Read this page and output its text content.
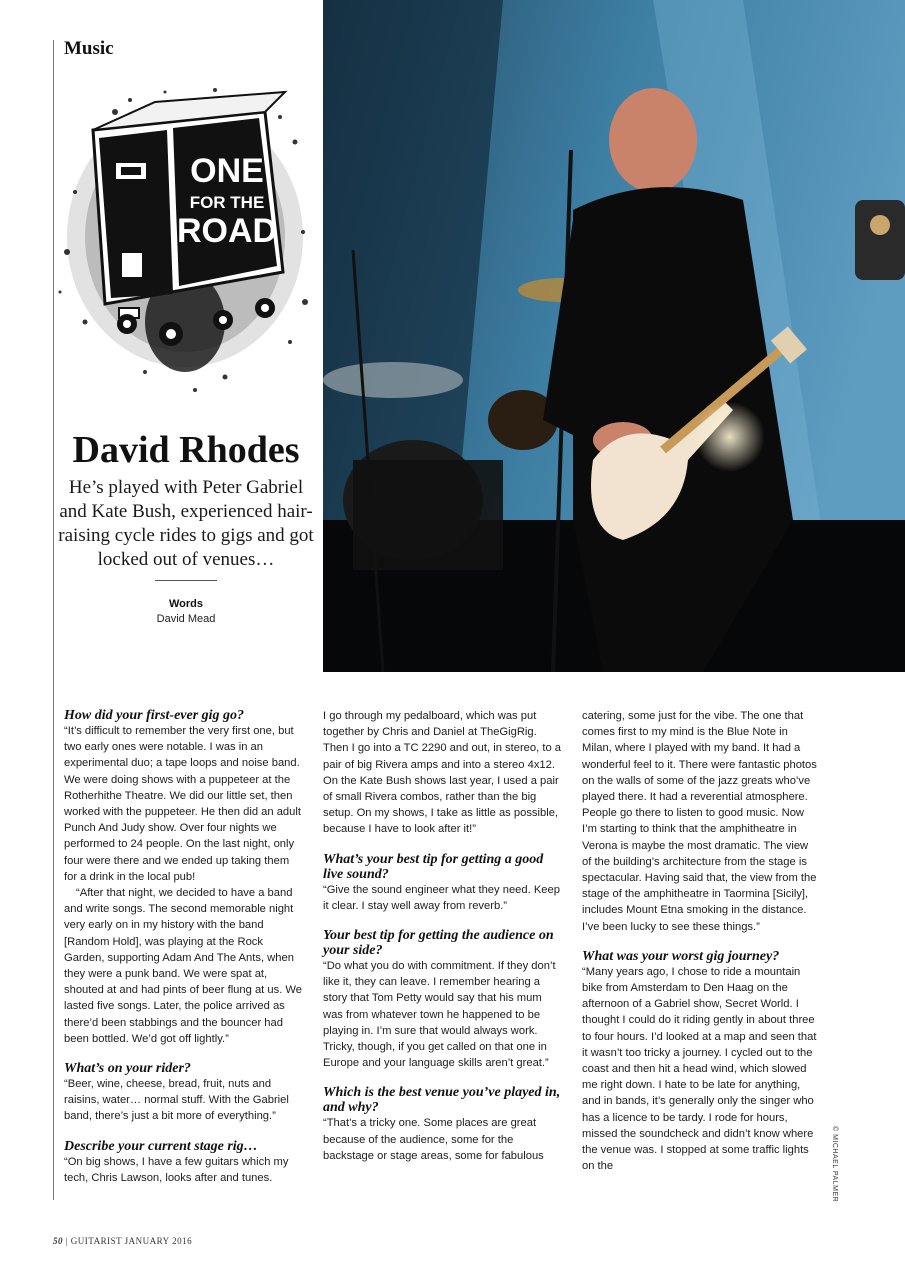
Music
ONE
FOR THE
ROAD
David Rhodes
He’s played with Peter Gabriel and Kate Bush, experienced hair-raising cycle rides to gigs and got locked out of venues…
Words
David Mead

How did your first-ever gig go?

“It’s difficult to remember the very first one, but two early ones were notable. I was in an experimental duo; a tape loops and noise band. We were doing shows with a puppeteer at the Rotherhithe Theatre. We did our little set, then worked with the puppeteer. He then did an adult Punch And Judy show. Over four nights we performed to 24 people. On the last night, only four were there and we ended up taking them for a drink in the local pub!

“After that night, we decided to have a band and write songs. The second memorable night very early on in my history with the band [Random Hold], was playing at the Rock Garden, supporting Adam And The Ants, when they were a punk band. We were spat at, shouted at and had pints of beer flung at us. We lasted five songs. Later, the police arrived as there’d been stabbings and the bouncer had been bottled. We’d got off lightly.”

What’s on your rider?

“Beer, wine, cheese, bread, fruit, nuts and raisins, water… normal stuff. With the Gabriel band, there’s just a bit more of everything.”

Describe your current stage rig…

“On big shows, I have a few guitars which my tech, Chris Lawson, looks after and tunes.

I go through my pedalboard, which was put together by Chris and Daniel at TheGigRig. Then I go into a TC 2290 and out, in stereo, to a pair of big Rivera amps and into a stereo 4x12. On the Kate Bush shows last year, I used a pair of small Rivera combos, rather than the big setup. On my shows, I take as little as possible, because I have to look after it!”

What’s your best tip for getting a good live sound?

“Give the sound engineer what they need. Keep it clear. I stay well away from reverb.”

Your best tip for getting the audience on your side?

“Do what you do with commitment. If they don’t like it, they can leave. I remember hearing a story that Tom Petty would say that his mum was from whatever town he happened to be playing in. I’m sure that would always work. Tricky, though, if you get called on that one in Europe and your language skills aren’t great.”

Which is the best venue you’ve played in, and why?

“That’s a tricky one. Some places are great because of the audience, some for the backstage or stage areas, some for fabulous

catering, some just for the vibe. The one that comes first to my mind is the Blue Note in Milan, where I played with my band. It had a wonderful feel to it. There were fantastic photos on the walls of some of the jazz greats who’ve played there. It had a reverential atmosphere. People go there to listen to good music. Now I’m starting to think that the amphitheatre in Verona is maybe the most dramatic. The view of the building’s architecture from the stage is spectacular. Having said that, the view from the stage of the amphitheatre in Taormina [Sicily], includes Mount Etna smoking in the distance. I’ve been lucky to see these things.”

What was your worst gig journey?

“Many years ago, I chose to ride a mountain bike from Amsterdam to Den Haag on the afternoon of a Gabriel show, Secret World. I thought I could do it riding gently in about three to four hours. I’d looked at a map and seen that it wasn’t too tricky a journey. I cycled out to the coast and then hit a head wind, which slowed me right down. I hate to be late for anything, and in bands, it’s generally only the singer who has a licence to be tardy. I rode for hours, missed the soundcheck and didn’t know where the venue was. I stopped at some traffic lights on the	© MICHAEL PALMER
50 | GUITARIST JANUARY 2016
